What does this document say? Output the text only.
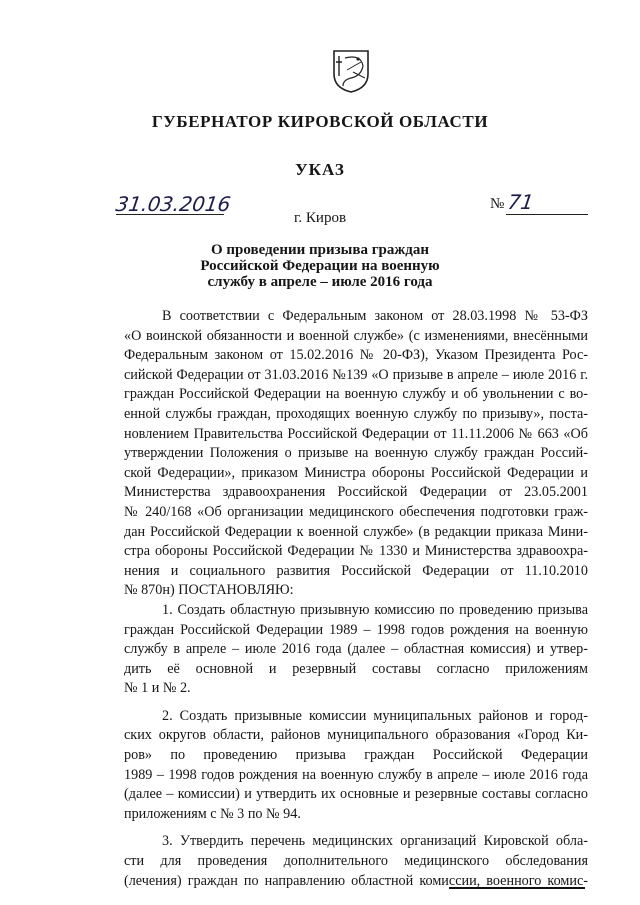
ГУБЕРНАТОР КИРОВСКОЙ ОБЛАСТИ
УКАЗ
31.03.2016	№ 71
г. Киров
О проведении призыва граждан
Российской Федерации на военную
службу в апреле – июле 2016 года
В соответствии с Федеральным законом от 28.03.1998 № 53-ФЗ
«О воинской обязанности и военной службе» (с изменениями, внесёнными
Федеральным законом от 15.02.2016 № 20-ФЗ), Указом Президента Рос-
сийской Федерации от 31.03.2016 №139 «О призыве в апреле – июле 2016 г.
граждан Российской Федерации на военную службу и об увольнении с во-
енной службы граждан, проходящих военную службу по призыву», поста-
новлением Правительства Российской Федерации от 11.11.2006 № 663 «Об
утверждении Положения о призыве на военную службу граждан Россий-
ской Федерации», приказом Министра обороны Российской Федерации и
Министерства здравоохранения Российской Федерации от 23.05.2001
№ 240/168 «Об организации медицинского обеспечения подготовки граж-
дан Российской Федерации к военной службе» (в редакции приказа Мини-
стра обороны Российской Федерации № 1330 и Министерства здравоохра-
нения и социального развития Российской Федерации от 11.10.2010
№ 870н) ПОСТАНОВЛЯЮ:
1. Создать областную призывную комиссию по проведению призыва
граждан Российской Федерации 1989 – 1998 годов рождения на военную
службу в апреле – июле 2016 года (далее – областная комиссия) и утвер-
дить её основной и резервный составы согласно приложениям
№ 1 и № 2.
2. Создать призывные комиссии муниципальных районов и город-
ских округов области, районов муниципального образования «Город Ки-
ров» по проведению призыва граждан Российской Федерации
1989 – 1998 годов рождения на военную службу в апреле – июле 2016 года
(далее – комиссии) и утвердить их основные и резервные составы согласно
приложениям с № 3 по № 94.
3. Утвердить перечень медицинских организаций Кировской обла-
сти для проведения дополнительного медицинского обследования
(лечения) граждан по направлению областной комиссии, военного комис-
